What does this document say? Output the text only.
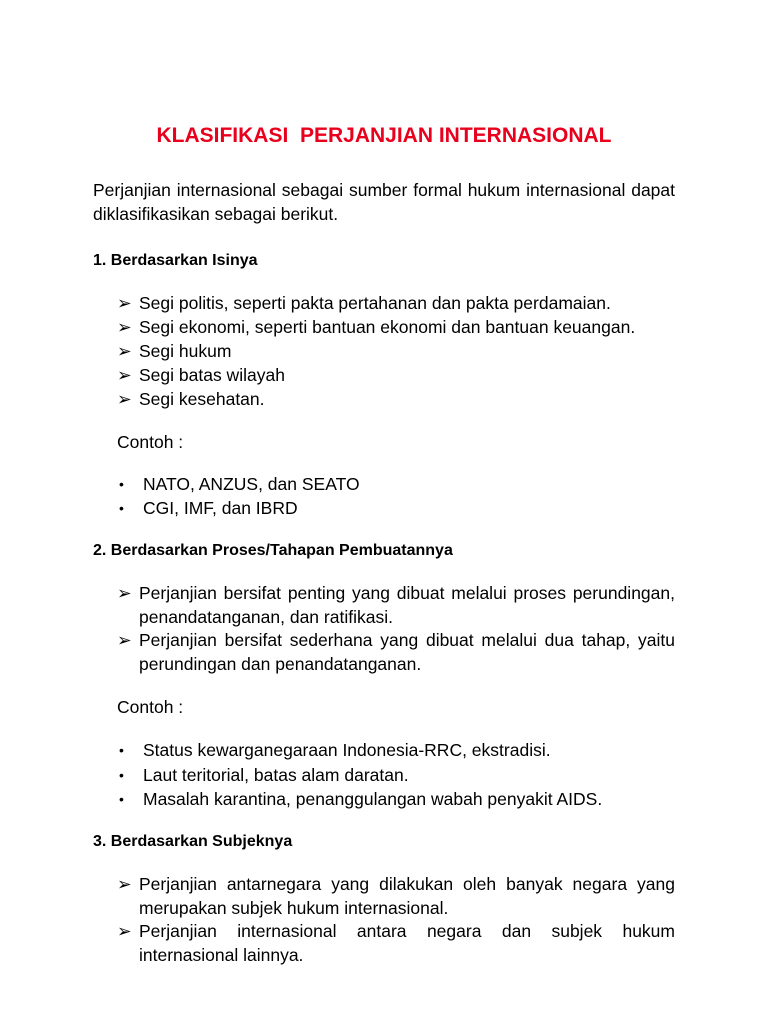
KLASIFIKASI  PERJANJIAN INTERNASIONAL
Perjanjian internasional sebagai sumber formal hukum internasional dapat diklasifikasikan sebagai berikut.
1. Berdasarkan Isinya
➢ Segi politis, seperti pakta pertahanan dan pakta perdamaian.
➢ Segi ekonomi, seperti bantuan ekonomi dan bantuan keuangan.
➢ Segi hukum
➢ Segi batas wilayah
➢ Segi kesehatan.
Contoh :
•	NATO, ANZUS, dan SEATO
•	CGI, IMF, dan IBRD
2. Berdasarkan Proses/Tahapan Pembuatannya
➢ Perjanjian bersifat penting yang dibuat melalui proses perundingan, penandatanganan, dan ratifikasi.
➢ Perjanjian bersifat sederhana yang dibuat melalui dua tahap, yaitu perundingan dan penandatanganan.
Contoh :
•	Status kewarganegaraan Indonesia-RRC, ekstradisi.
•	Laut teritorial, batas alam daratan.
•	Masalah karantina, penanggulangan wabah penyakit AIDS.
3. Berdasarkan Subjeknya
➢ Perjanjian antarnegara yang dilakukan oleh banyak negara yang merupakan subjek hukum internasional.
➢ Perjanjian internasional antara negara dan subjek hukum internasional lainnya.
